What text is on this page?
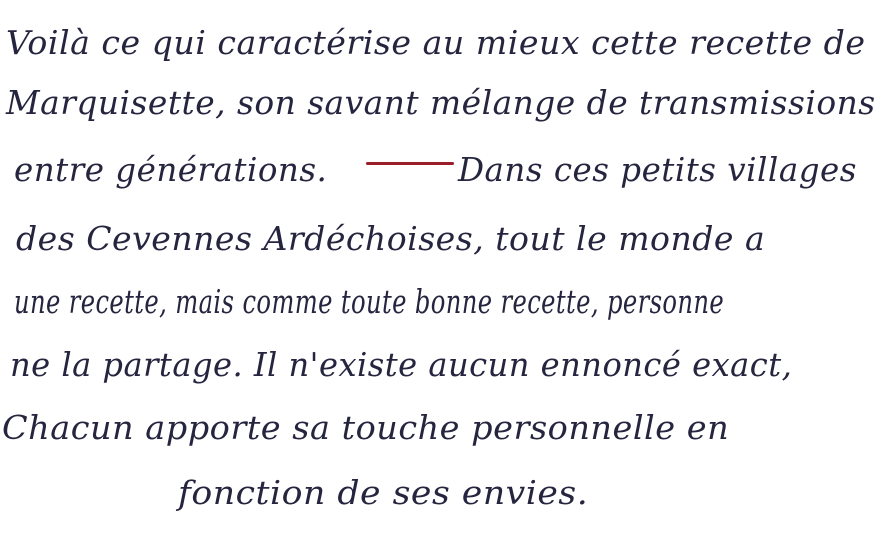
Voilà ce qui caractérise au mieux cette recette de
Marquisette, son savant mélange de transmissions
entre générations.	Dans ces petits villages
des Cevennes Ardéchoises, tout le monde a
une recette, mais comme toute bonne recette, personne
ne la partage. Il n'existe aucun ennoncé exact,
Chacun apporte sa touche personnelle en
fonction de ses envies.
